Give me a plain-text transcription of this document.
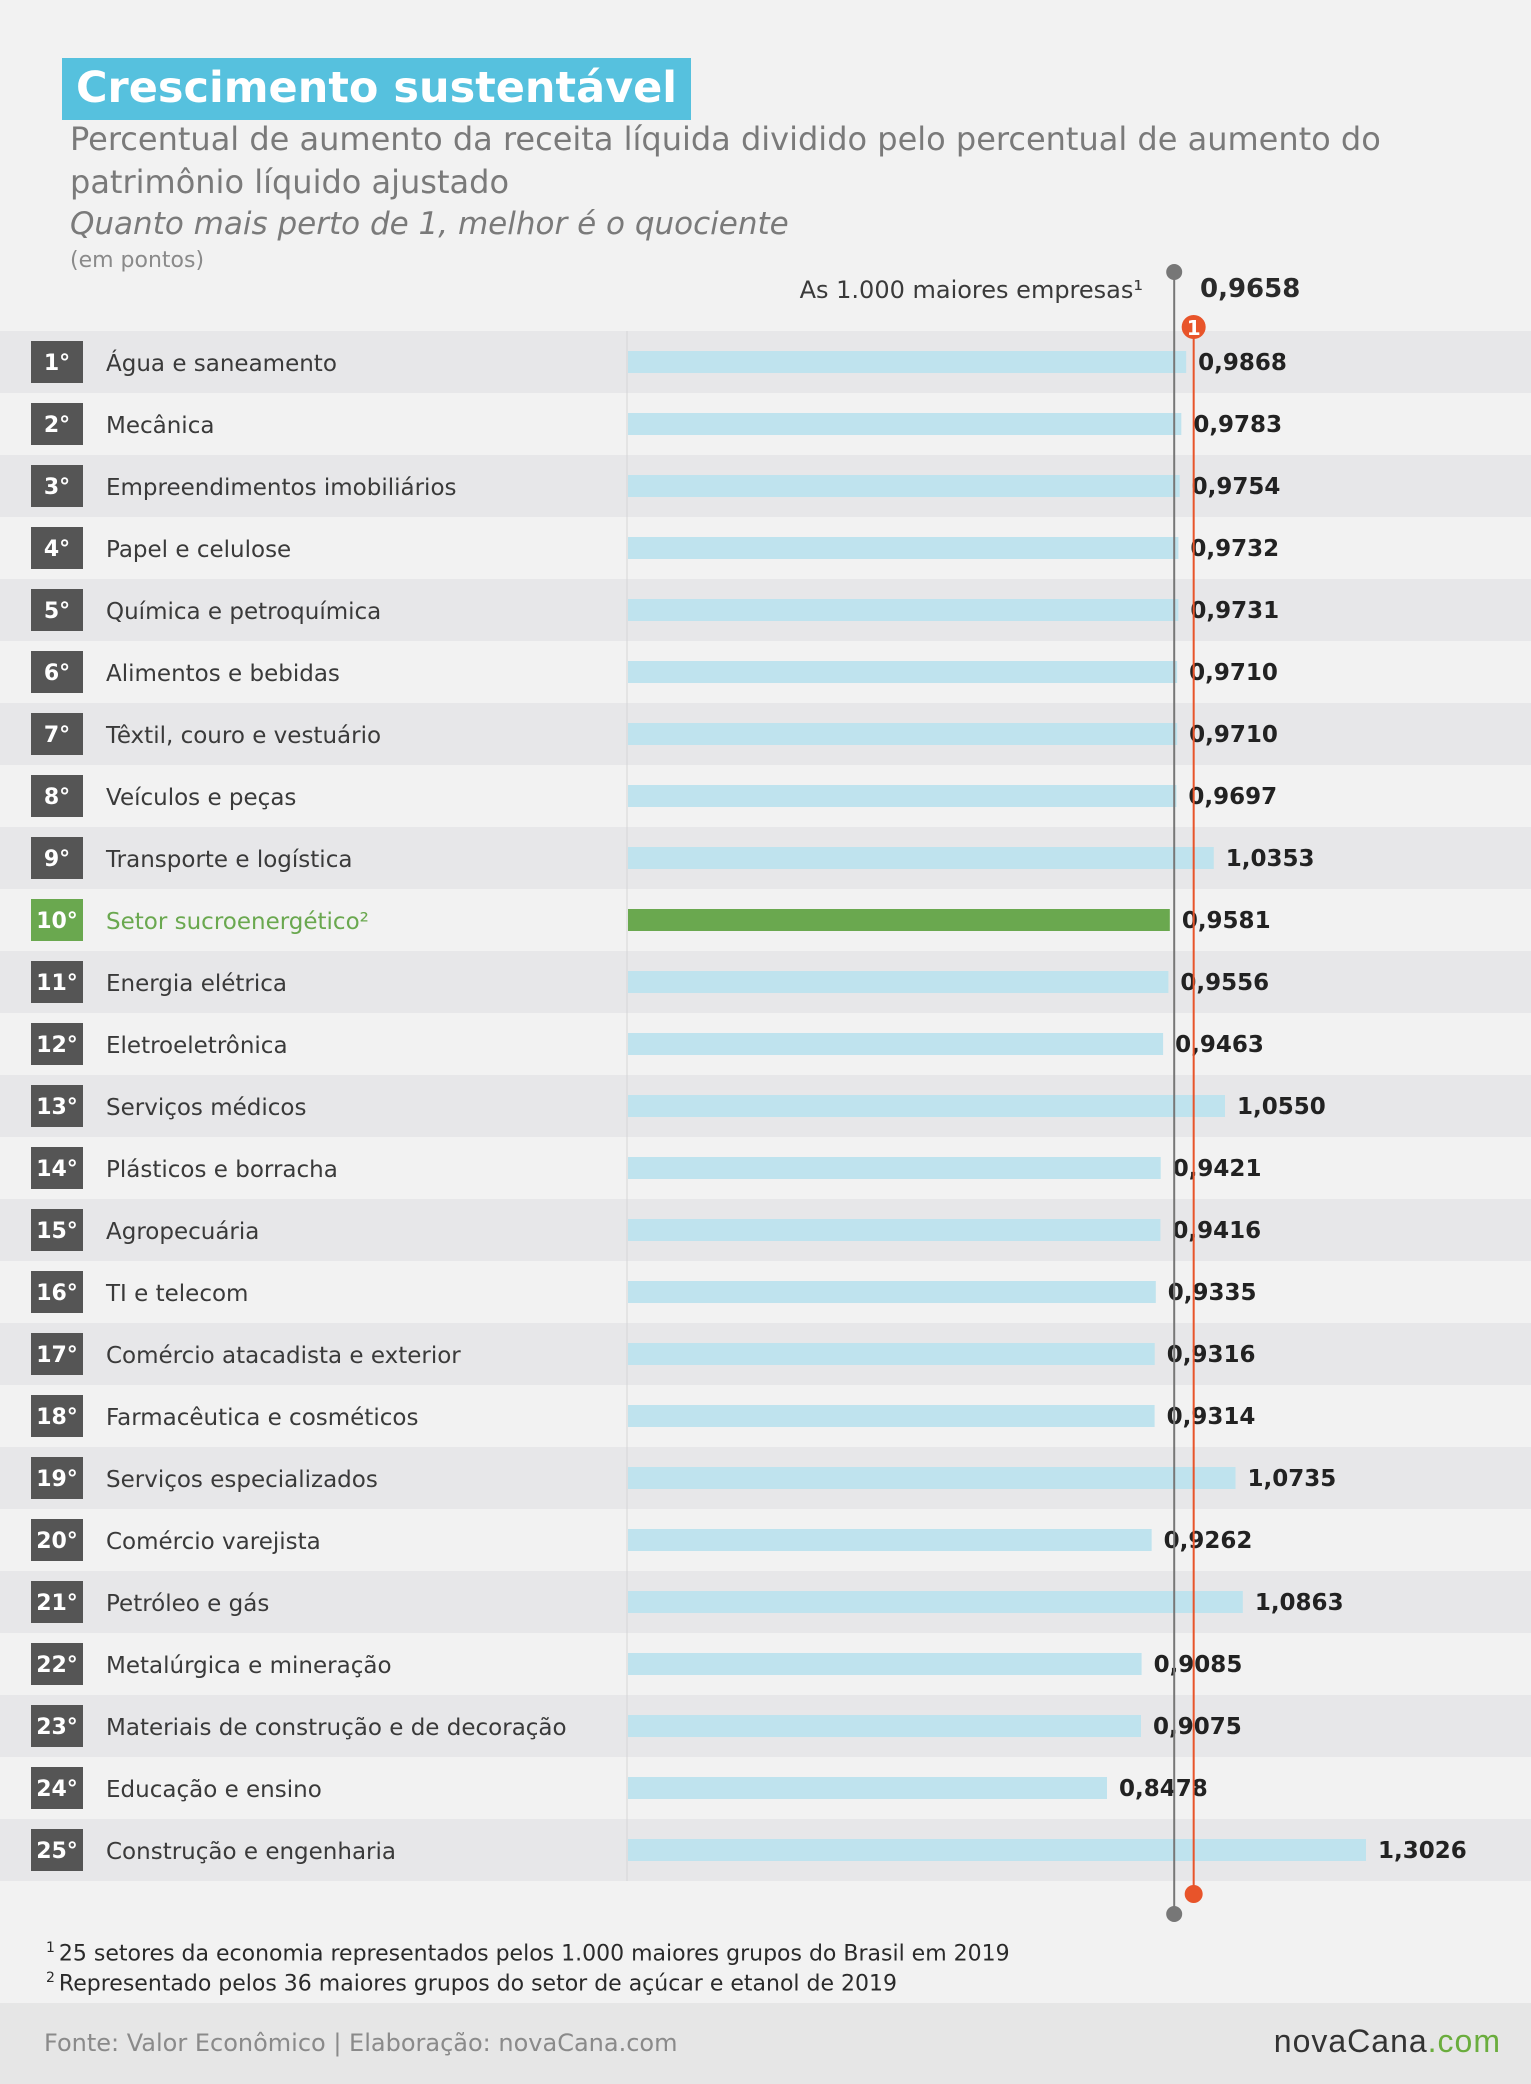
Crescimento sustentável
Percentual de aumento da receita líquida dividido pelo percentual de aumento do patrimônio líquido ajustado
Quanto mais perto de 1, melhor é o quociente
(em pontos)
1° Água e saneamento	0,9868
2° Mecânica	0,9783
3° Empreendimentos imobiliários	0,9754
4° Papel e celulose	0,9732
5° Química e petroquímica	0,9731
6° Alimentos e bebidas	0,9710
7° Têxtil, couro e vestuário	0,9710
8° Veículos e peças	0,9697
9° Transporte e logística	1,0353
10° Setor sucroenergético²	0,9581
11° Energia elétrica	0,9556
12° Eletroeletrônica	0,9463
13° Serviços médicos	1,0550
14° Plásticos e borracha	0,9421
15° Agropecuária	0,9416
16° TI e telecom	0,9335
17° Comércio atacadista e exterior	0,9316
18° Farmacêutica e cosméticos	0,9314
19° Serviços especializados	1,0735
20° Comércio varejista	0,9262
21° Petróleo e gás	1,0863
22° Metalúrgica e mineração	0,9085
23° Materiais de construção e de decoração	0,9075
24° Educação e ensino	0,8478
25° Construção e engenharia	1,3026
1
As 1.000 maiores empresas¹ 0,9658
$^1$ 25 setores da economia representados pelos 1.000 maiores grupos do Brasil em 2019
$^2$ Representado pelos 36 maiores grupos do setor de açúcar e etanol de 2019
Fonte: Valor Econômico | Elaboração: novaCana.com	novaCana.com
